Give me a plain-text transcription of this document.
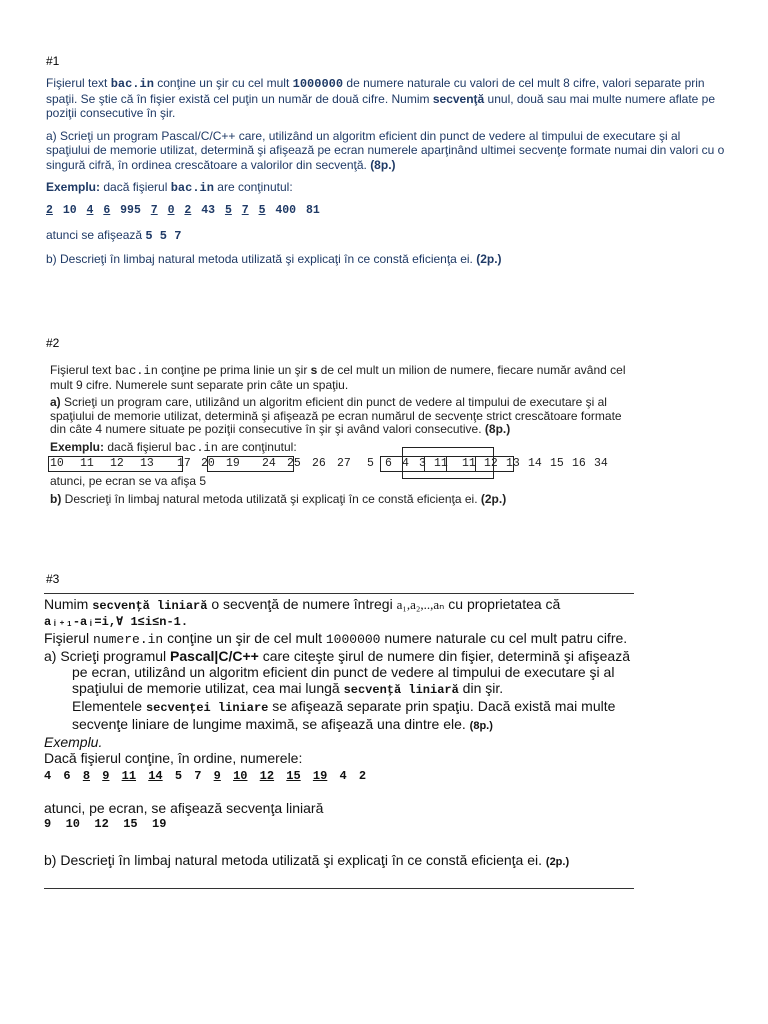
#1

Fişierul text bac.in conţine un şir cu cel mult 1000000 de numere naturale cu valori de cel mult 8 cifre, valori separate prin spaţii. Se ştie că în fişier există cel puţin un număr de două cifre. Numim secvenţă unul, două sau mai multe numere aflate pe poziţii consecutive în şir.

a) Scrieţi un program Pascal/C/C++ care, utilizând un algoritm eficient din punct de vedere al timpului de executare şi al spaţiului de memorie utilizat, determină şi afişează pe ecran numerele aparţinând ultimei secvenţe formate numai din valori cu o singură cifră, în ordinea crescătoare a valorilor din secvenţă. (8p.)

Exemplu: dacă fişierul bac.in are conţinutul:

2 10 4 6 995 7 0 2 43 5 7 5 400 81

atunci se afişează 5 5 7

b) Descrieţi în limbaj natural metoda utilizată şi explicaţi în ce constă eficienţa ei. (2p.)

#2

Fişierul text bac.in conţine pe prima linie un şir s de cel mult un milion de numere, fiecare număr având cel mult 9 cifre. Numerele sunt separate prin câte un spaţiu.

a) Scrieţi un program care, utilizând un algoritm eficient din punct de vedere al timpului de executare şi al spaţiului de memorie utilizat, determină şi afişează pe ecran numărul de secvenţe strict crescătoare formate din câte 4 numere situate pe poziţii consecutive în şir şi având valori consecutive. (8p.)

Exemplu: dacă fişierul bac.in are conţinutul:

10 11 12 13 17 20 19 24 25 26 27 5 6 4 3 11 11 12 13 14 15 16 34

atunci, pe ecran se va afişa 5

b) Descrieţi în limbaj natural metoda utilizată şi explicaţi în ce constă eficienţa ei. (2p.)

#3

Numim secvenţă liniară o secvenţă de numere întregi a₁,a₂,..,aₙ cu proprietatea că

aᵢ₊₁-aᵢ=i,∀ 1≤i≤n-1.

Fişierul numere.in conţine un şir de cel mult 1000000 numere naturale cu cel mult patru cifre.

a) Scrieţi programul Pascal|C/C++ care citeşte şirul de numere din fişier, determină şi afişează pe ecran, utilizând un algoritm eficient din punct de vedere al timpului de executare şi al spaţiului de memorie utilizat, cea mai lungă secvenţă liniară din şir.

Elementele secvenţei liniare se afişează separate prin spaţiu. Dacă există mai multe secvenţe liniare de lungime maximă, se afişează una dintre ele. (8p.)

Exemplu.

Dacă fişierul conţine, în ordine, numerele:

4 6 8 9 11 14 5 7 9 10 12 15 19 4 2

atunci, pe ecran, se afişează secvenţa liniară

9  10  12  15  19

b) Descrieţi în limbaj natural metoda utilizată şi explicaţi în ce constă eficienţa ei. (2p.)
